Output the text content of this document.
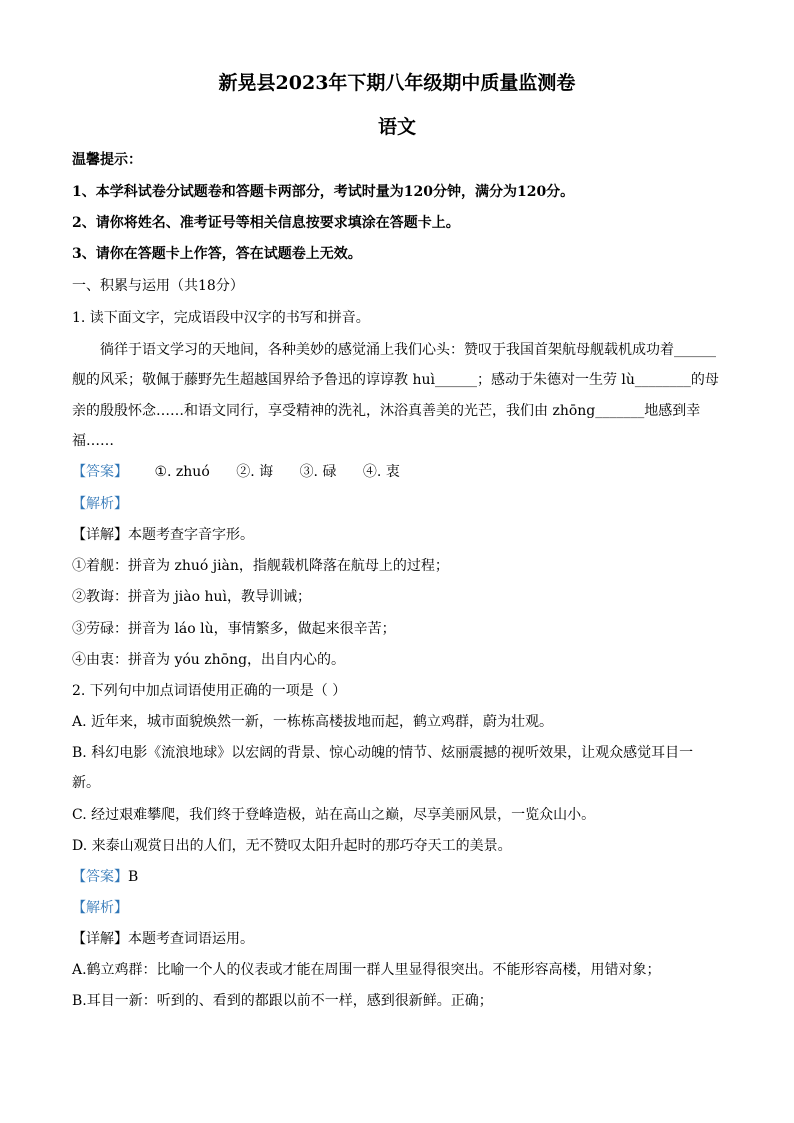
新晃县2023年下期八年级期中质量监测卷
语文
温馨提示：
1、本学科试卷分试题卷和答题卡两部分，考试时量为120分钟，满分为120分。
2、请你将姓名、准考证号等相关信息按要求填涂在答题卡上。
3、请你在答题卡上作答，答在试题卷上无效。
一、积累与运用（共18分）
1. 读下面文字，完成语段中汉字的书写和拼音。
徜徉于语文学习的天地间，各种美妙的感觉涌上我们心头：赞叹于我国首架航母舰载机成功着______
舰的风采；敬佩于藤野先生超越国界给予鲁迅的谆谆教 huì______；感动于朱德对一生劳 lù________的母
亲的殷殷怀念……和语文同行，享受精神的洗礼，沐浴真善美的光芒，我们由 zhōng_______地感到幸
福……
【答案】 ①. zhuó ②. 诲 ③. 碌 ④. 衷
【解析】
【详解】本题考查字音字形。
①着舰：拼音为 zhuó jiàn，指舰载机降落在航母上的过程；
②教诲：拼音为 jiào huì，教导训诫；
③劳碌：拼音为 láo lù，事情繁多，做起来很辛苦；
④由衷：拼音为 yóu zhōng，出自内心的。
2. 下列句中加点词语使用正确的一项是（ ）
A. 近年来，城市面貌焕然一新，一栋栋高楼拔地而起，鹤立鸡群，蔚为壮观。
B. 科幻电影《流浪地球》以宏阔的背景、惊心动魄的情节、炫丽震撼的视听效果，让观众感觉耳目一
新。
C. 经过艰难攀爬，我们终于登峰造极，站在高山之巅，尽享美丽风景，一览众山小。
D. 来泰山观赏日出的人们，无不赞叹太阳升起时的那巧夺天工的美景。
【答案】B
【解析】
【详解】本题考查词语运用。
A.鹤立鸡群：比喻一个人的仪表或才能在周围一群人里显得很突出。不能形容高楼，用错对象；
B.耳目一新：听到的、看到的都跟以前不一样，感到很新鲜。正确；
